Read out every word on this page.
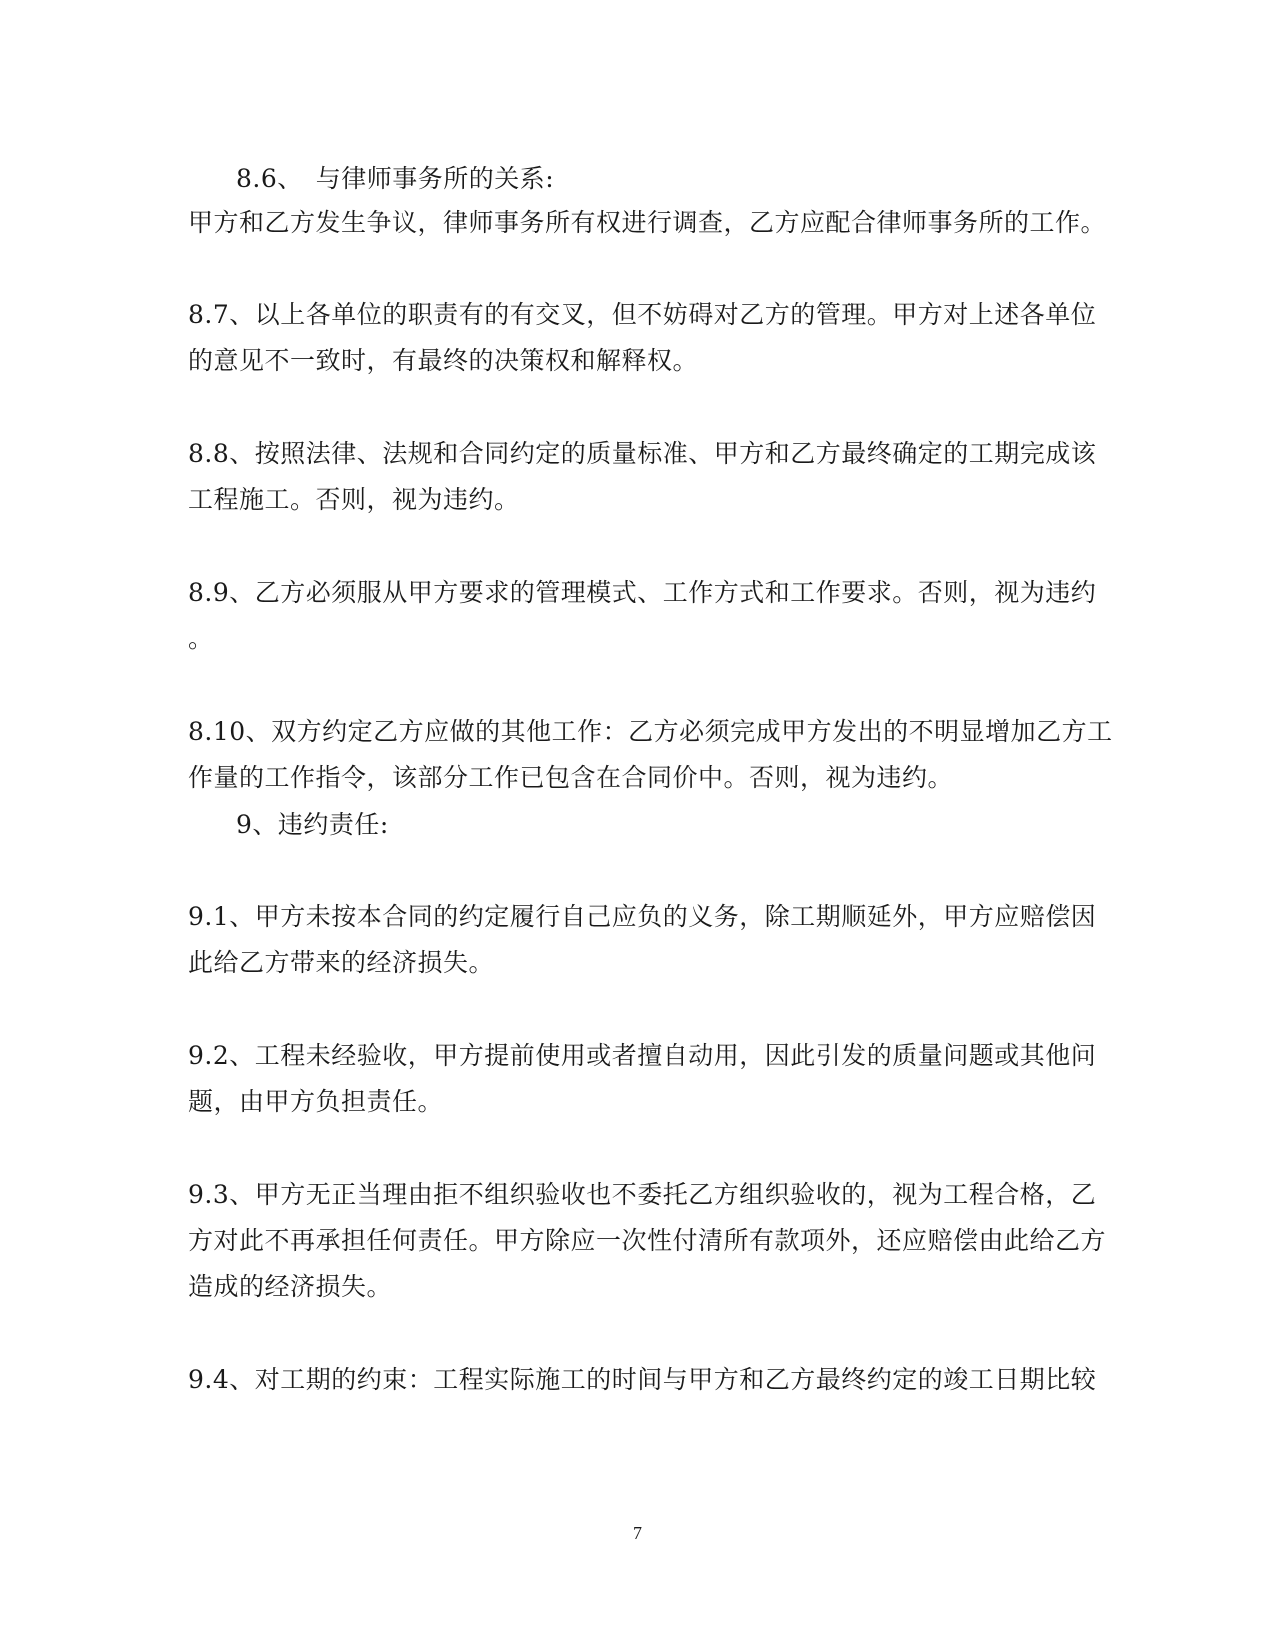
8.6、　与律师事务所的关系:
甲方和乙方发生争议，律师事务所有权进行调查，乙方应配合律师事务所的工作。
8.7、以上各单位的职责有的有交叉，但不妨碍对乙方的管理。甲方对上述各单位
的意见不一致时，有最终的决策权和解释权。
8.8、按照法律、法规和合同约定的质量标准、甲方和乙方最终确定的工期完成该
工程施工。否则，视为违约。
8.9、乙方必须服从甲方要求的管理模式、工作方式和工作要求。否则，视为违约
。
8.10、双方约定乙方应做的其他工作：乙方必须完成甲方发出的不明显增加乙方工
作量的工作指令，该部分工作已包含在合同价中。否则，视为违约。
9、违约责任:
9.1、甲方未按本合同的约定履行自己应负的义务，除工期顺延外，甲方应赔偿因
此给乙方带来的经济损失。
9.2、工程未经验收，甲方提前使用或者擅自动用，因此引发的质量问题或其他问
题，由甲方负担责任。
9.3、甲方无正当理由拒不组织验收也不委托乙方组织验收的，视为工程合格，乙
方对此不再承担任何责任。甲方除应一次性付清所有款项外，还应赔偿由此给乙方
造成的经济损失。
9.4、对工期的约束：工程实际施工的时间与甲方和乙方最终约定的竣工日期比较
7
